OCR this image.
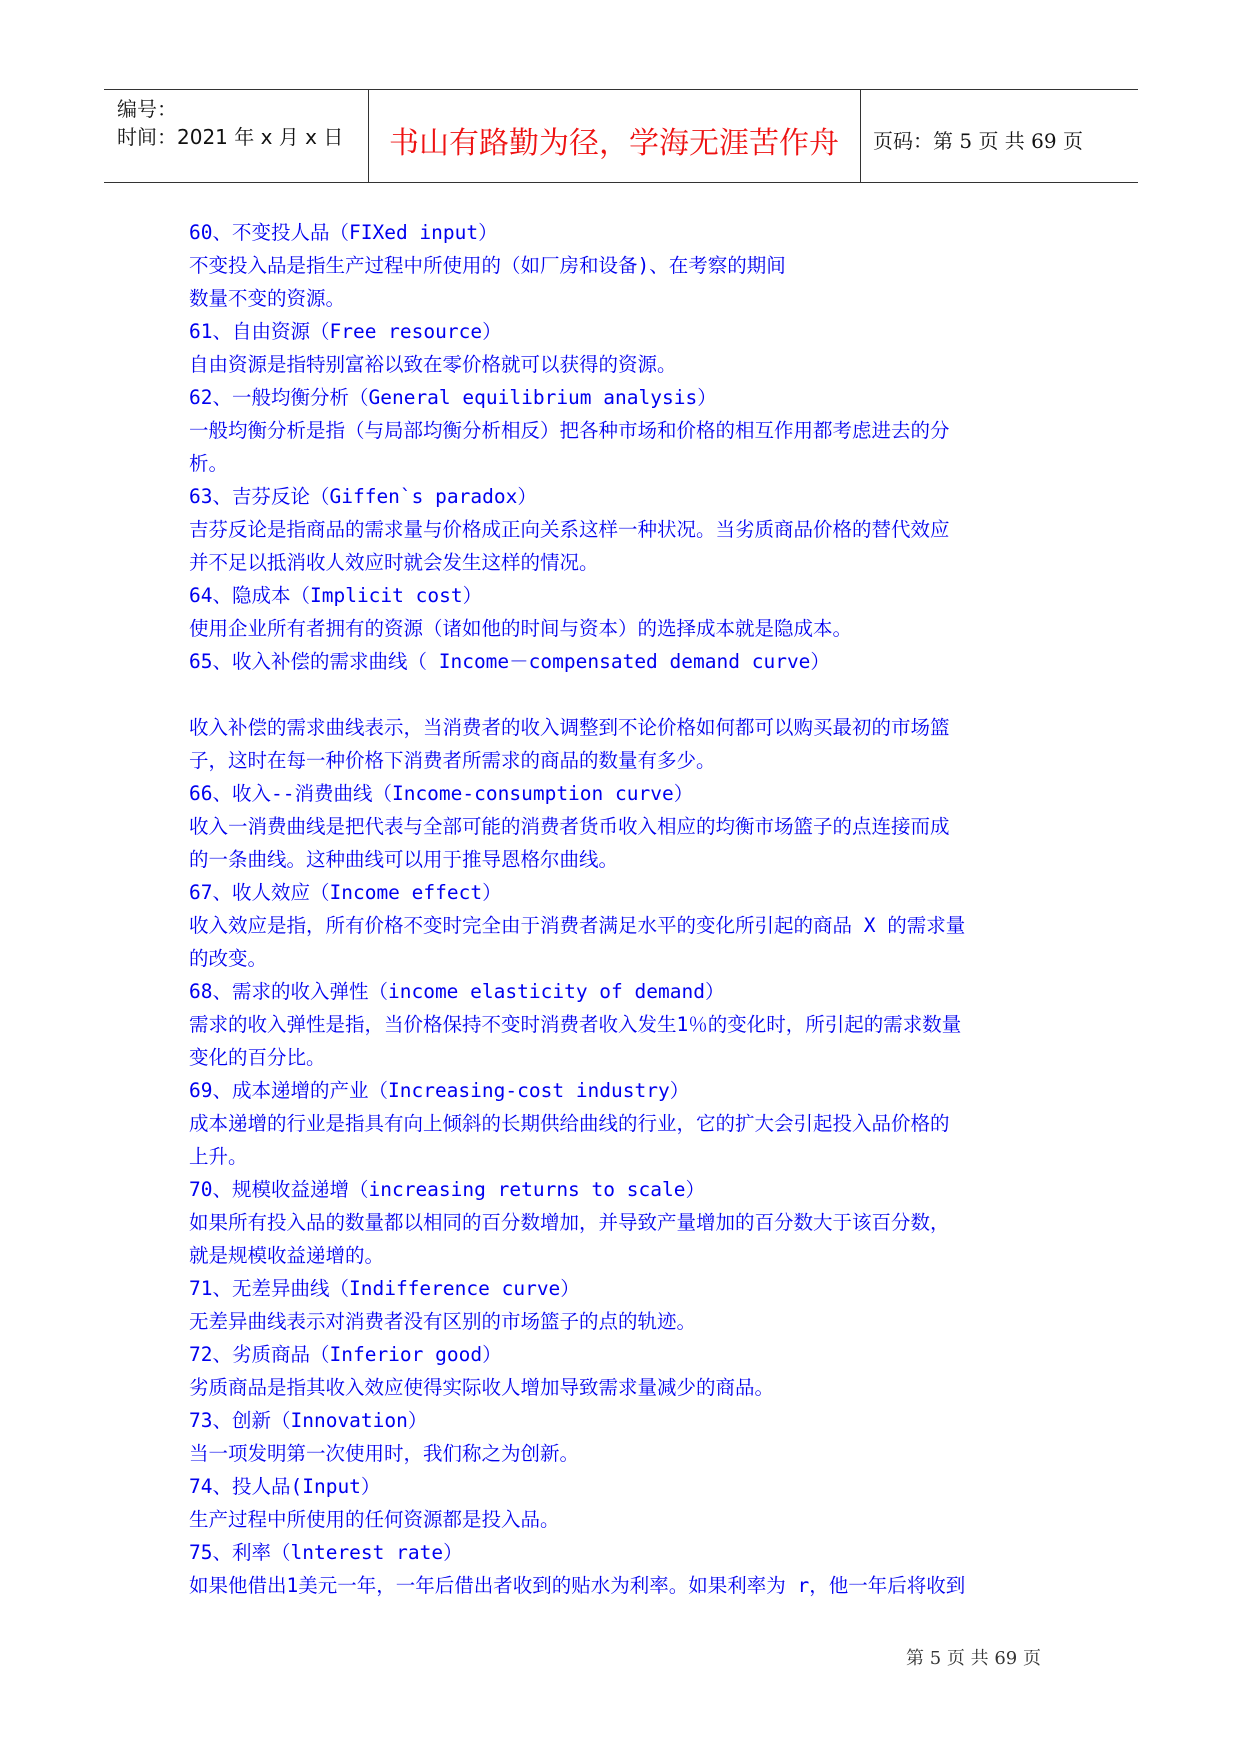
编号：
时间：2021 年 x 月 x 日	书山有路勤为径，学海无涯苦作舟	页码：第 5 页 共 69 页
60、不变投人品（FIXed input）
不变投入品是指生产过程中所使用的（如厂房和设备)、在考察的期间
数量不变的资源。
61、自由资源（Free resource）
自由资源是指特别富裕以致在零价格就可以获得的资源。
62、一般均衡分析（General equilibrium analysis）
一般均衡分析是指（与局部均衡分析相反）把各种市场和价格的相互作用都考虑进去的分
析。
63、吉芬反论（Giffen`s paradox）
吉芬反论是指商品的需求量与价格成正向关系这样一种状况。当劣质商品价格的替代效应
并不足以抵消收人效应时就会发生这样的情况。
64、隐成本（Implicit cost）
使用企业所有者拥有的资源（诸如他的时间与资本）的选择成本就是隐成本。
65、收入补偿的需求曲线（ Income－compensated demand curve）
收入补偿的需求曲线表示，当消费者的收入调整到不论价格如何都可以购买最初的市场篮
子，这时在每一种价格下消费者所需求的商品的数量有多少。
66、收入--消费曲线（Income-consumption curve）
收入一消费曲线是把代表与全部可能的消费者货币收入相应的均衡市场篮子的点连接而成
的一条曲线。这种曲线可以用于推导恩格尔曲线。
67、收人效应（Income effect）
收入效应是指，所有价格不变时完全由于消费者满足水平的变化所引起的商品 X 的需求量
的改变。
68、需求的收入弹性（income elasticity of demand）
需求的收入弹性是指，当价格保持不变时消费者收入发生1％的变化时，所引起的需求数量
变化的百分比。
69、成本递增的产业（Increasing-cost industry）
成本递增的行业是指具有向上倾斜的长期供给曲线的行业，它的扩大会引起投入品价格的
上升。
70、规模收益递增（increasing returns to scale）
如果所有投入品的数量都以相同的百分数增加，并导致产量增加的百分数大于该百分数，
就是规模收益递增的。
71、无差异曲线（Indifference curve）
无差异曲线表示对消费者没有区别的市场篮子的点的轨迹。
72、劣质商品（Inferior good）
劣质商品是指其收入效应使得实际收人增加导致需求量减少的商品。
73、创新（Innovation）
当一项发明第一次使用时，我们称之为创新。
74、投人品(Input）
生产过程中所使用的任何资源都是投入品。
75、利率（lnterest rate）
如果他借出1美元一年，一年后借出者收到的贴水为利率。如果利率为 r，他一年后将收到
第 5 页 共 69 页
